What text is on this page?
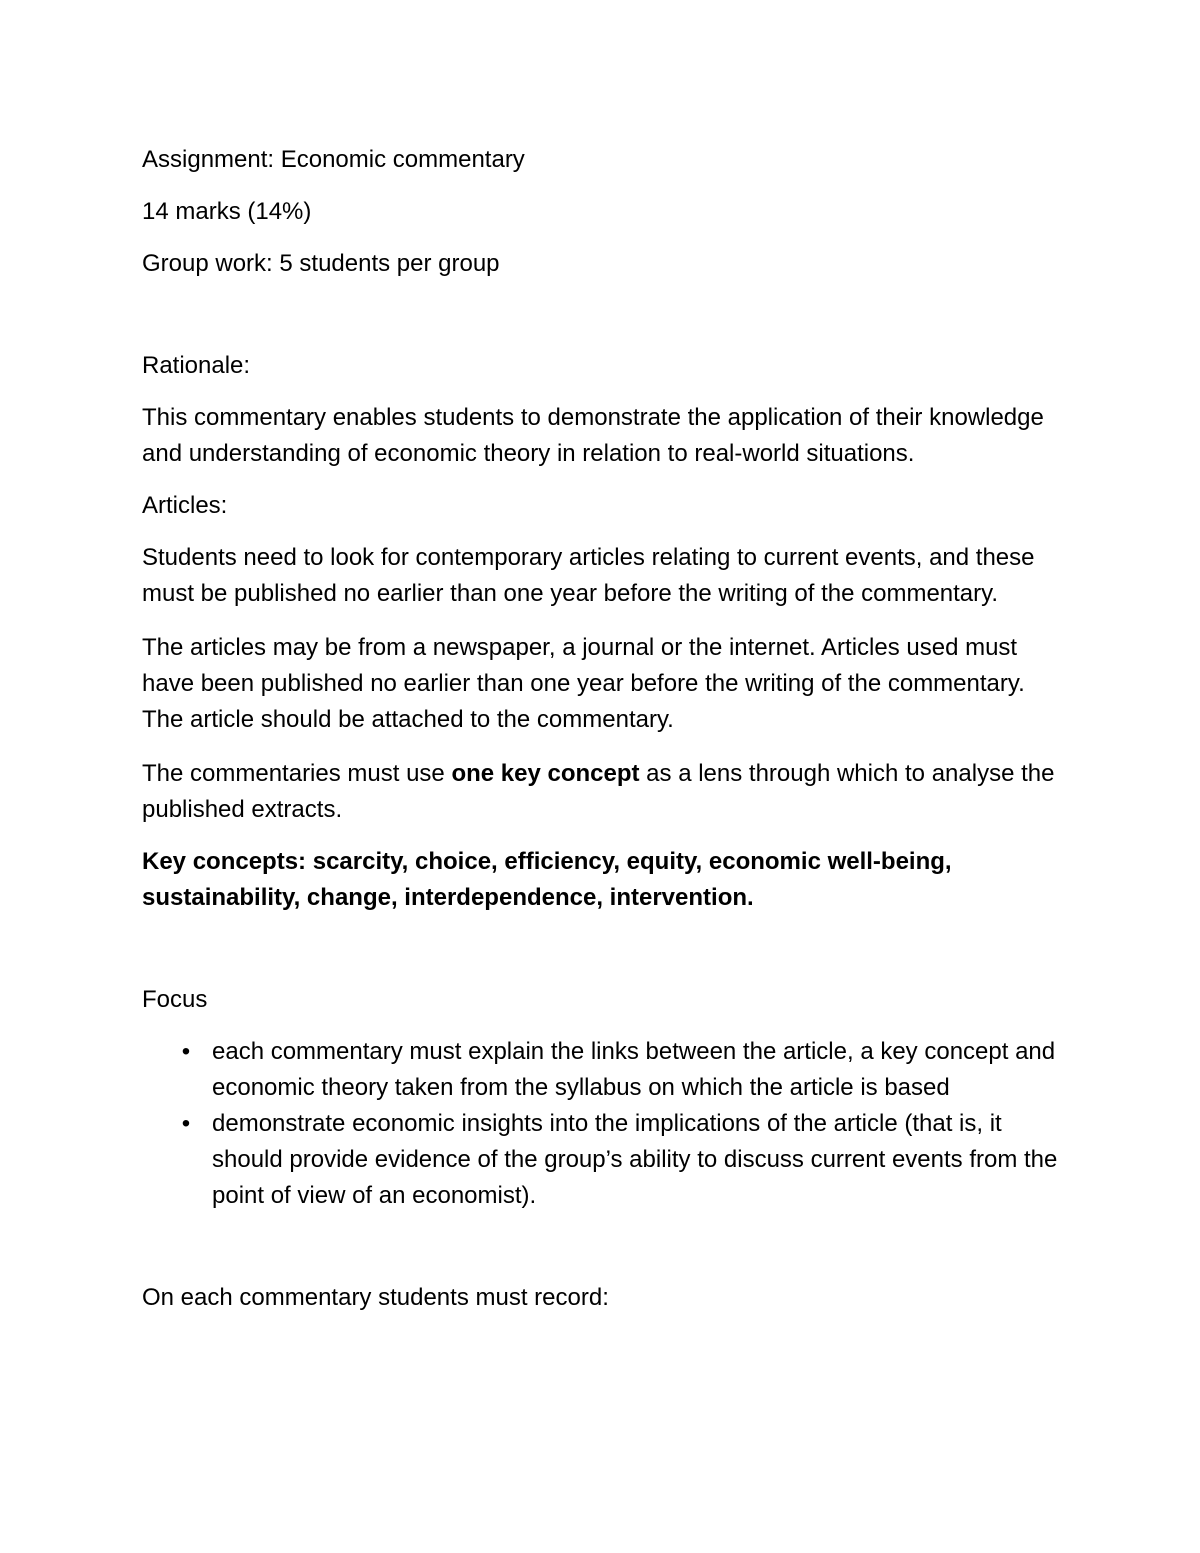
Assignment: Economic commentary

14 marks (14%)

Group work: 5 students per group

Rationale:

This commentary enables students to demonstrate the application of their knowledge and understanding of economic theory in relation to real-world situations.

Articles:

Students need to look for contemporary articles relating to current events, and these must be published no earlier than one year before the writing of the commentary.

The articles may be from a newspaper, a journal or the internet. Articles used must have been published no earlier than one year before the writing of the commentary. The article should be attached to the commentary.

The commentaries must use one key concept as a lens through which to analyse the published extracts.

Key concepts: scarcity, choice, efficiency, equity, economic well-being, sustainability, change, interdependence, intervention.

Focus

• each commentary must explain the links between the article, a key concept and economic theory taken from the syllabus on which the article is based
• demonstrate economic insights into the implications of the article (that is, it should provide evidence of the group’s ability to discuss current events from the point of view of an economist).

On each commentary students must record:
